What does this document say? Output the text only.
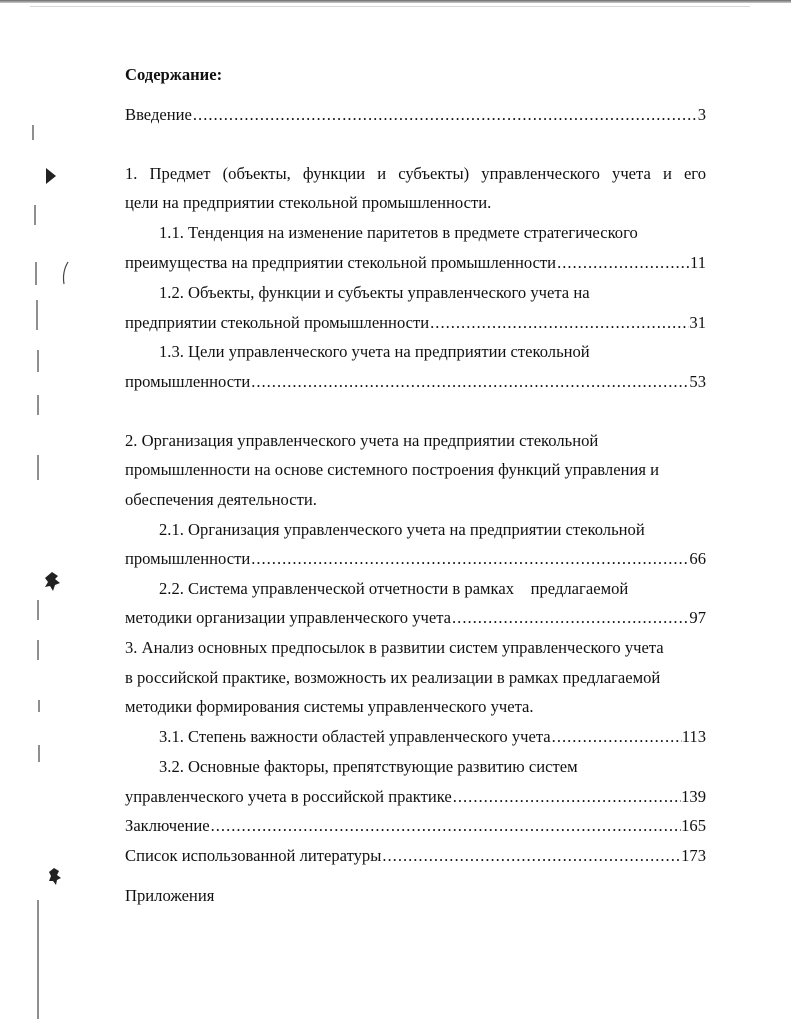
Содержание:
Введение .....	3
1. Предмет (объекты, функции и субъекты) управленческого учета и его
цели на предприятии стекольной промышленности.
1.1. Тенденция на изменение паритетов в предмете стратегического
преимущества на предприятии стекольной промышленности .....	11
1.2. Объекты, функции и субъекты управленческого учета на
предприятии стекольной промышленности .....	31
1.3. Цели управленческого учета на предприятии стекольной
промышленности .....	53
2. Организация управленческого учета на предприятии стекольной
промышленности на основе системного построения функций управления и
обеспечения деятельности.
2.1. Организация управленческого учета на предприятии стекольной
промышленности .....	66
2.2. Система управленческой отчетности в рамках    предлагаемой
методики организации управленческого учета .....	97
3. Анализ основных предпосылок в развитии систем управленческого учета
в российской практике, возможность их реализации в рамках предлагаемой
методики формирования системы управленческого учета.
3.1. Степень важности областей управленческого учета .....	113
3.2. Основные факторы, препятствующие развитию систем
управленческого учета в российской практике .....	139
Заключение .....	165
Список использованной литературы .....	173
Приложения
